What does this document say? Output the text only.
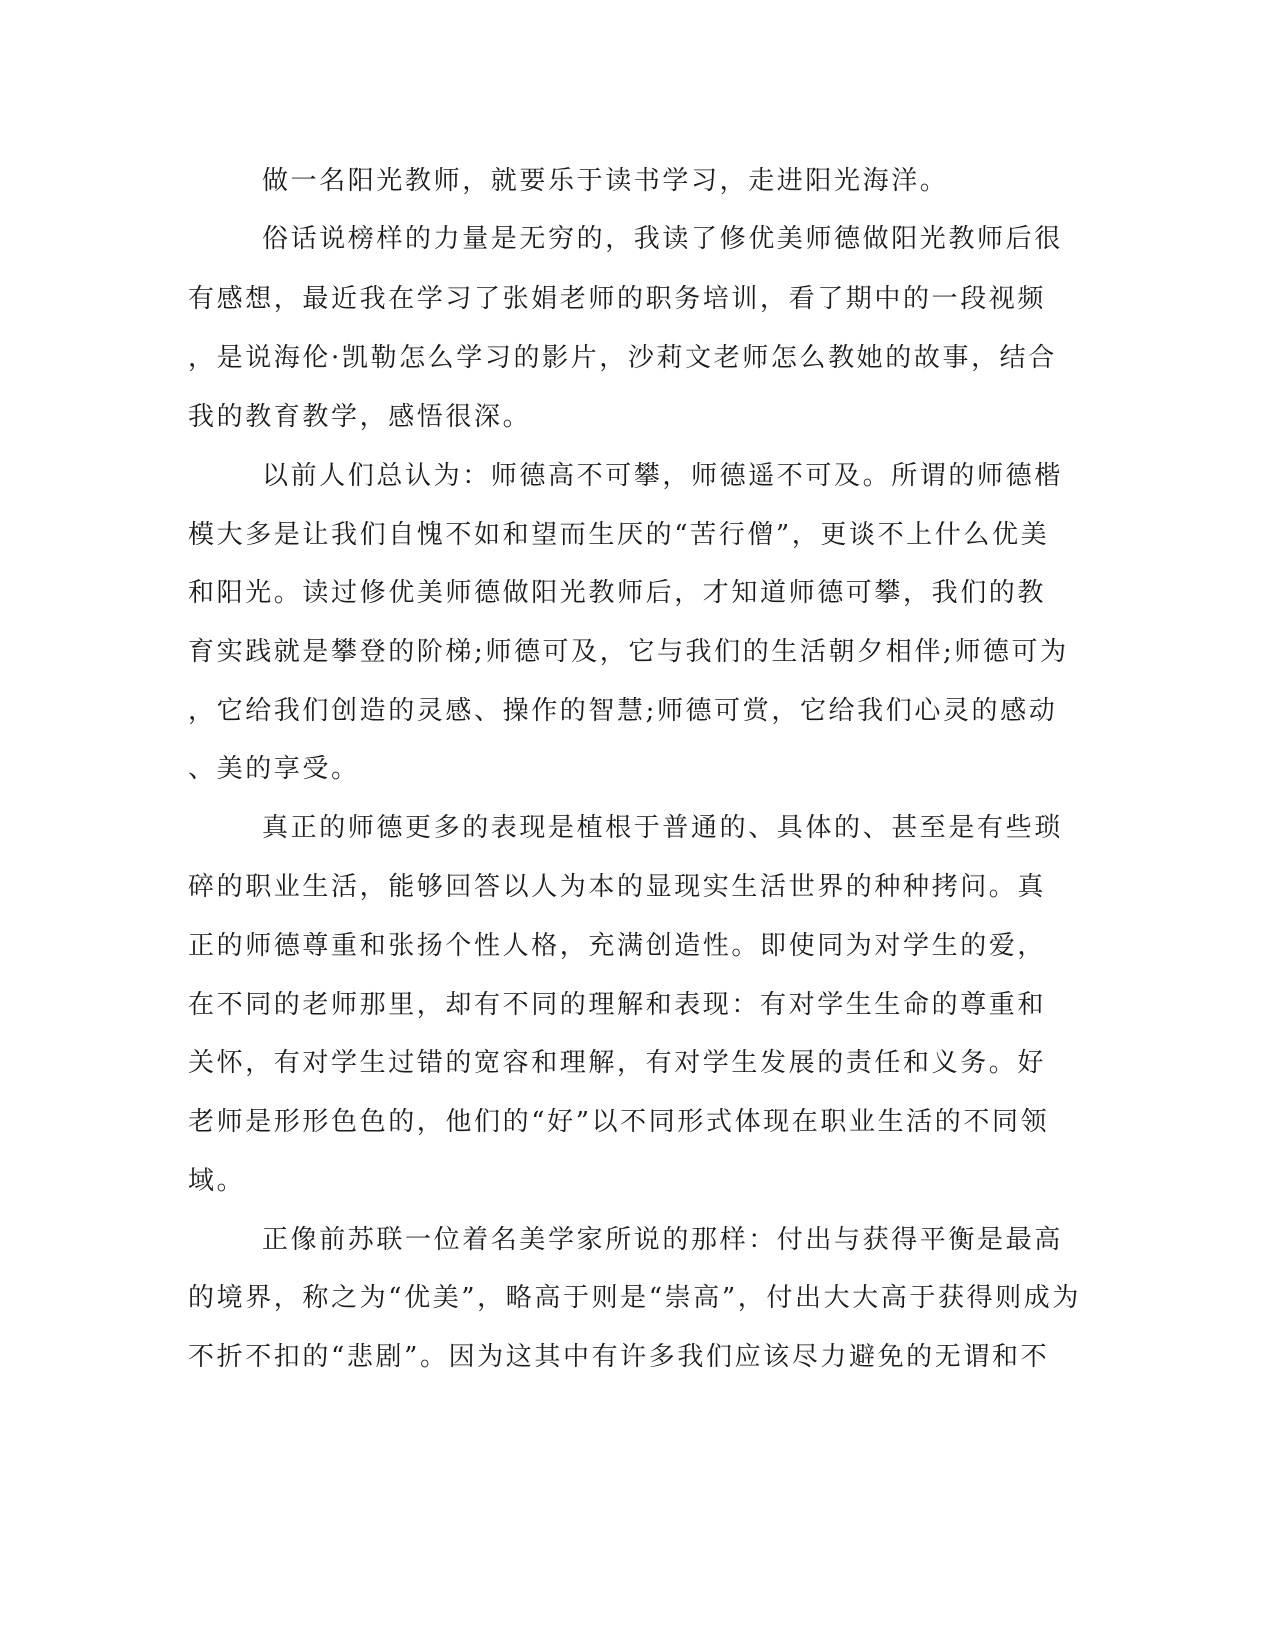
做一名阳光教师，就要乐于读书学习，走进阳光海洋。

俗话说榜样的力量是无穷的，我读了修优美师德做阳光教师后很

有感想，最近我在学习了张娟老师的职务培训，看了期中的一段视频

，是说海伦·凯勒怎么学习的影片，沙莉文老师怎么教她的故事，结合

我的教育教学，感悟很深。

以前人们总认为：师德高不可攀，师德遥不可及。所谓的师德楷

模大多是让我们自愧不如和望而生厌的“苦行僧”，更谈不上什么优美

和阳光。读过修优美师德做阳光教师后，才知道师德可攀，我们的教

育实践就是攀登的阶梯;师德可及，它与我们的生活朝夕相伴;师德可为

，它给我们创造的灵感、操作的智慧;师德可赏，它给我们心灵的感动

、美的享受。

真正的师德更多的表现是植根于普通的、具体的、甚至是有些琐

碎的职业生活，能够回答以人为本的显现实生活世界的种种拷问。真

正的师德尊重和张扬个性人格，充满创造性。即使同为对学生的爱，

在不同的老师那里，却有不同的理解和表现：有对学生生命的尊重和

关怀，有对学生过错的宽容和理解，有对学生发展的责任和义务。好

老师是形形色色的，他们的“好”以不同形式体现在职业生活的不同领

域。

正像前苏联一位着名美学家所说的那样：付出与获得平衡是最高

的境界，称之为“优美”，略高于则是“崇高”，付出大大高于获得则成为

不折不扣的“悲剧”。因为这其中有许多我们应该尽力避免的无谓和不
